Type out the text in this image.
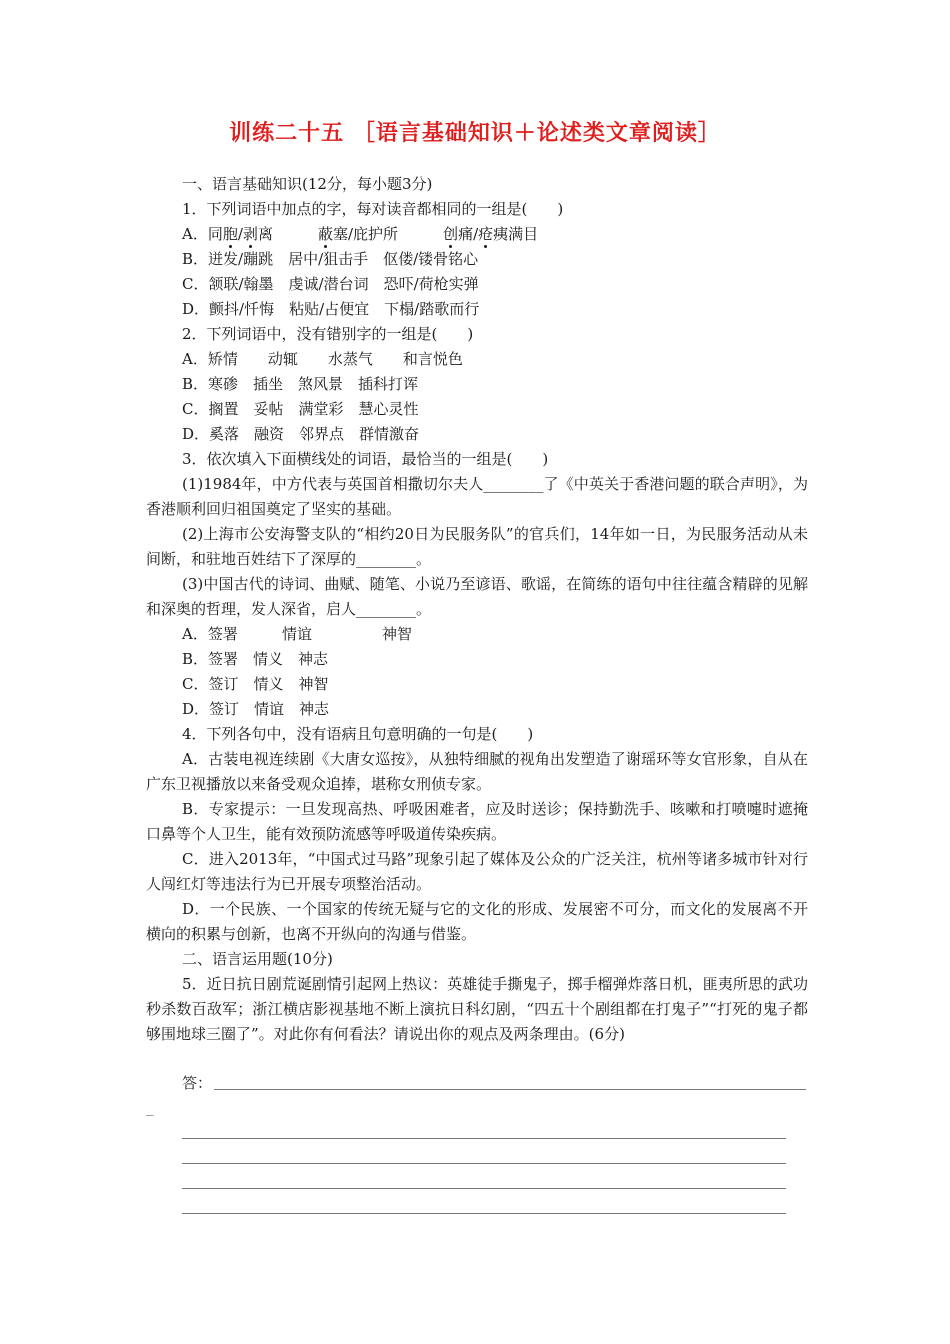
训练二十五 ［语言基础知识＋论述类文章阅读］
一、语言基础知识(12分，每小题3分)
1．下列词语中加点的字，每对读音都相同的一组是(　　)
A．同胞/剥离　　　	蔽塞/庇护所　　　	创痛/疮痍满目
B．迸发/蹦跳　居中/狙击手　伛偻/镂骨铭心
C．颔联/翰墨　虔诚/潜台词　恐吓/荷枪实弹
D．颤抖/忏悔　粘贴/占便宜　下榻/踏歌而行
2．下列词语中，没有错别字的一组是(　　)
A．矫情　　动辄　　水蒸气　　和言悦色
B．寒碜　插坐　煞风景　插科打诨
C．搁置　妥帖　满堂彩　慧心灵性
D．奚落　融资　邻界点　群情激奋
3．依次填入下面横线处的词语，最恰当的一组是(　　)
(1)1984年，中方代表与英国首相撒切尔夫人________了《中英关于香港问题的联合声明》，为香港顺利回归祖国奠定了坚实的基础。
(2)上海市公安海警支队的“相约20日为民服务队”的官兵们，14年如一日，为民服务活动从未间断，和驻地百姓结下了深厚的________。
(3)中国古代的诗词、曲赋、随笔、小说乃至谚语、歌谣，在简练的语句中往往蕴含精辟的见解和深奥的哲理，发人深省，启人________。
A．签署	情谊	神智
B．签署　情义　神志
C．签订　情义　神智
D．签订　情谊　神志
4．下列各句中，没有语病且句意明确的一句是(　　)
A．古装电视连续剧《大唐女巡按》，从独特细腻的视角出发塑造了谢瑶环等女官形象，自从在广东卫视播放以来备受观众追捧，堪称女刑侦专家。
B．专家提示：一旦发现高热、呼吸困难者，应及时送诊；保持勤洗手、咳嗽和打喷嚏时遮掩口鼻等个人卫生，能有效预防流感等呼吸道传染疾病。
C．进入2013年，“中国式过马路”现象引起了媒体及公众的广泛关注，杭州等诸多城市针对行人闯红灯等违法行为已开展专项整治活动。
D．一个民族、一个国家的传统无疑与它的文化的形成、发展密不可分，而文化的发展离不开横向的积累与创新，也离不开纵向的沟通与借鉴。
二、语言运用题(10分)
5．近日抗日剧荒诞剧情引起网上热议：英雄徒手撕鬼子，掷手榴弹炸落日机，匪夷所思的武功秒杀数百敌军；浙江横店影视基地不断上演抗日科幻剧，“四五十个剧组都在打鬼子”“打死的鬼子都够围地球三圈了”。对此你有何看法？请说出你的观点及两条理由。(6分)
答：
_
